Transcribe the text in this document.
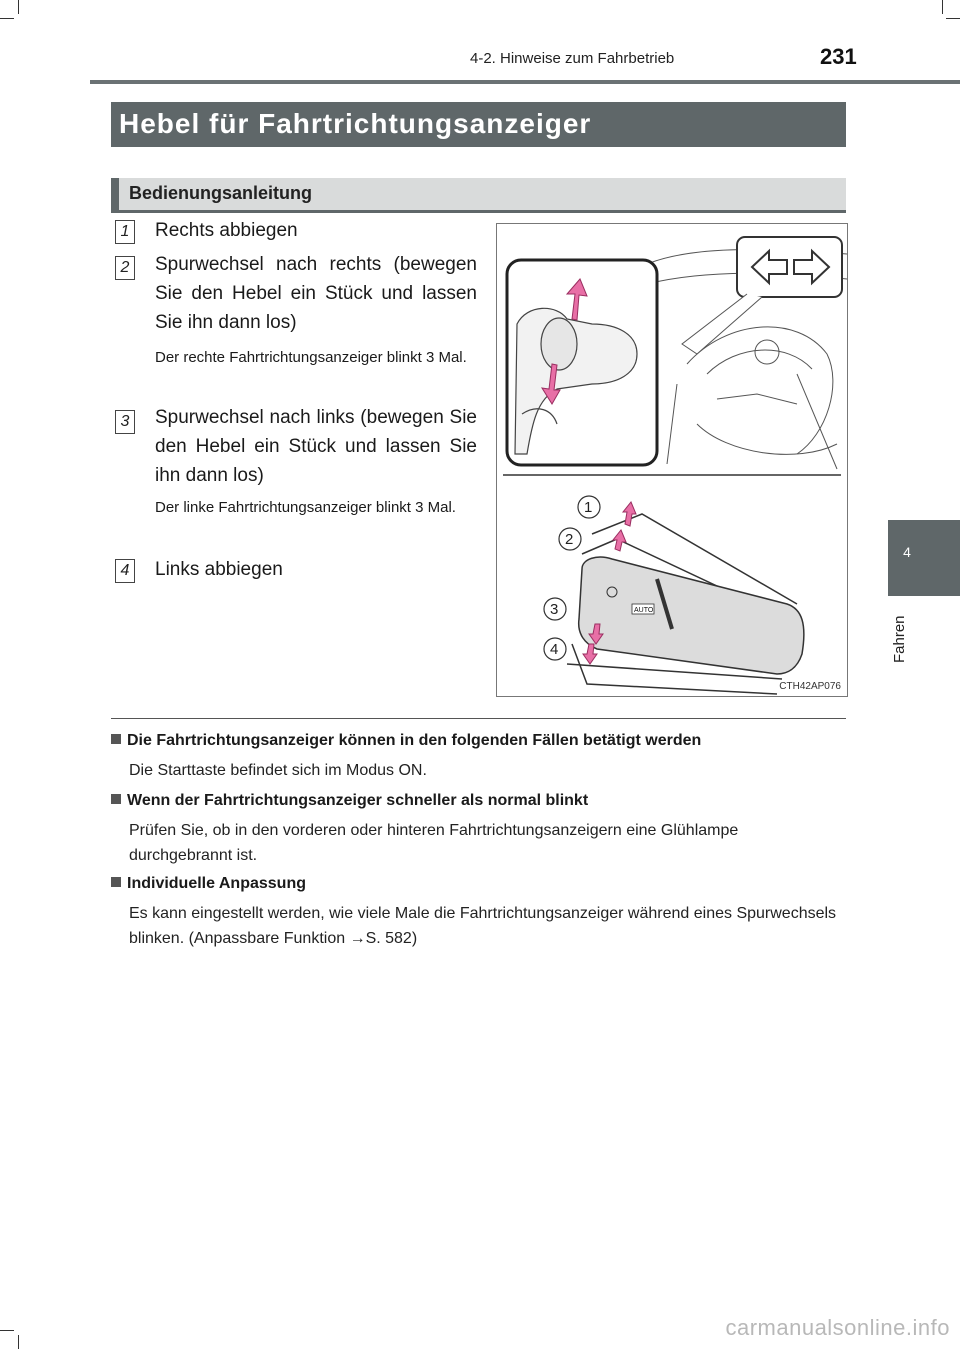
4-2. Hinweise zum Fahrbetrieb	231
Hebel für Fahrtrichtungsanzeiger
Bedienungsanleitung
1 Rechts abbiegen
2 Spurwechsel nach rechts (bewegen Sie den Hebel ein Stück und lassen Sie ihn dann los)
Der rechte Fahrtrichtungsanzeiger blinkt 3 Mal.
3 Spurwechsel nach links (bewegen Sie den Hebel ein Stück und lassen Sie ihn dann los)
Der linke Fahrtrichtungsanzeiger blinkt 3 Mal.
4 Links abbiegen
AUTO
1
2
3
4
CTH42AP076
4
Fahren
Die Fahrtrichtungsanzeiger können in den folgenden Fällen betätigt werden
Die Starttaste befindet sich im Modus ON.
Wenn der Fahrtrichtungsanzeiger schneller als normal blinkt
Prüfen Sie, ob in den vorderen oder hinteren Fahrtrichtungsanzeigern eine Glühlampe durchgebrannt ist.
Individuelle Anpassung
Es kann eingestellt werden, wie viele Male die Fahrtrichtungsanzeiger während eines Spurwechsels blinken. (Anpassbare Funktion →S. 582)
carmanualsonline.info
